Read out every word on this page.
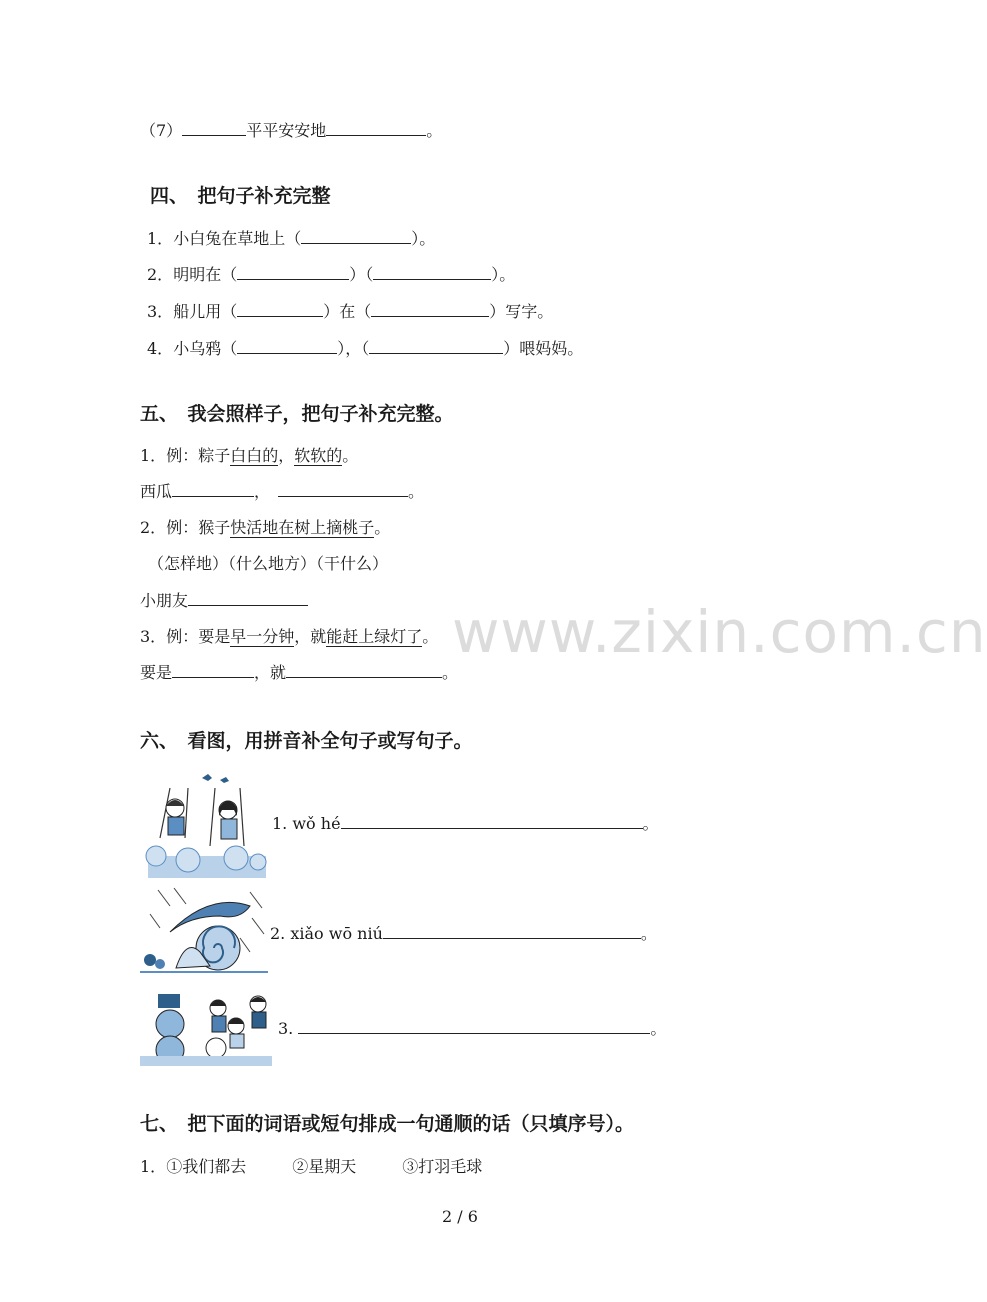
（7）	平平安安地	。
四、　把句子补充完整
1．小白兔在草地上（	）。
2．明明在（	）（	）。
3．船儿用（	）在（	）写字。
4．小乌鸦（	），（	）喂妈妈。
五、　我会照样子，把句子补充完整。
1．例：粽子白白的，软软的。
西瓜	，	。
2．例：猴子快活地在树上摘桃子。
（怎样地）（什么地方）（干什么）
小朋友
3．例：要是早一分钟，就能赶上绿灯了。
要是	，就	。
www.zixin.com.cn
六、　看图，用拼音补全句子或写句子。
1. wǒ hé	。
2. xiǎo wō niú	。
3.	。
七、　把下面的词语或短句排成一句通顺的话（只填序号）。
1．①我们都去	②星期天	③打羽毛球
2 / 6
